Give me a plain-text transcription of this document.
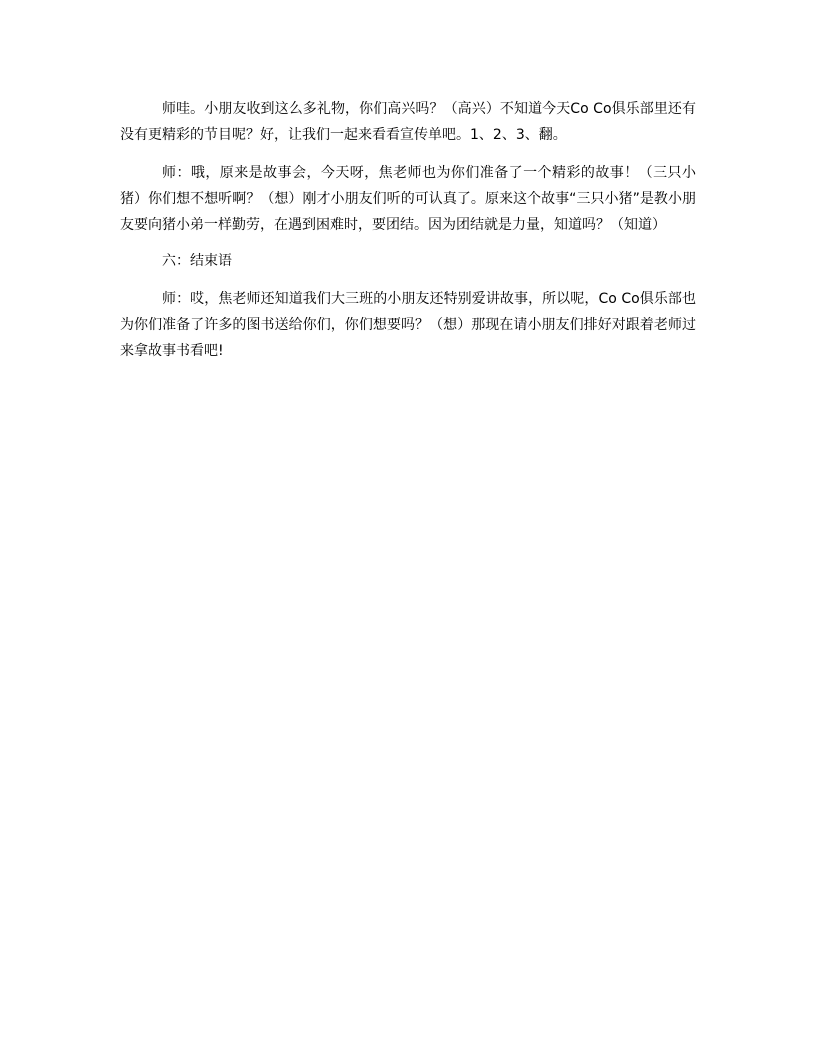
师哇。小朋友收到这么多礼物，你们高兴吗？（高兴）不知道今天Co Co俱乐部里还有没有更精彩的节目呢？好，让我们一起来看看宣传单吧。1、2、3、翻。

师：哦，原来是故事会，今天呀，焦老师也为你们准备了一个精彩的故事！（三只小猪）你们想不想听啊？（想）刚才小朋友们听的可认真了。原来这个故事“三只小猪”是教小朋友要向猪小弟一样勤劳，在遇到困难时，要团结。因为团结就是力量，知道吗？（知道）

六：结束语

师：哎，焦老师还知道我们大三班的小朋友还特别爱讲故事，所以呢，Co Co俱乐部也为你们准备了许多的图书送给你们，你们想要吗？（想）那现在请小朋友们排好对跟着老师过来拿故事书看吧!
